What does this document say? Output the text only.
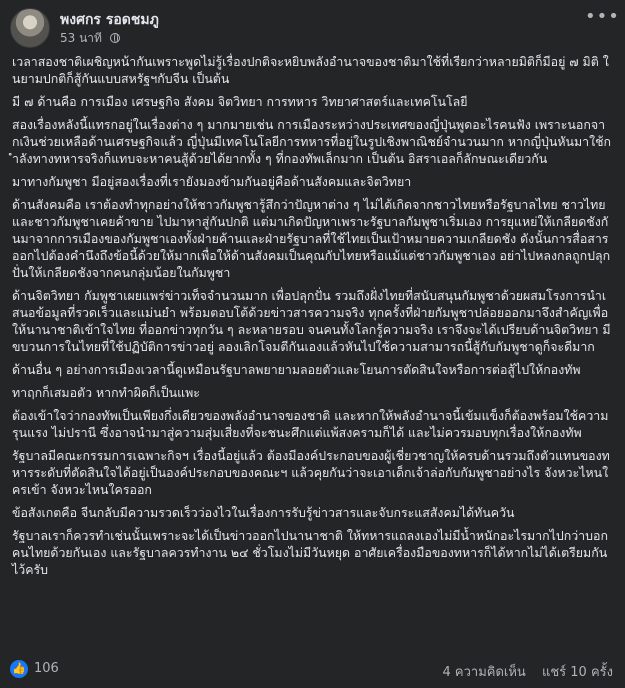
พงศกร รอดชมภู
53 นาที
•••

เวลาสองชาติเผชิญหน้ากันเพราะพูดไม่รู้เรื่องปกติจะหยิบพลังอำนาจของชาติมาใช้ที่เรียกว่าหลายมิติก็มีอยู่ ๗ มิติ ในยามปกติก็สู้กันแบบสหรัฐฯกับจีน เป็นต้น

มี ๗ ด้านคือ การเมือง เศรษฐกิจ สังคม จิตวิทยา การทหาร วิทยาศาสตร์และเทคโนโลยี

สองเรื่องหลังนี้แทรกอยู่ในเรื่องต่าง ๆ มากมายเช่น การเมืองระหว่างประเทศของญี่ปุ่นพูดอะไรคนฟัง เพราะนอกจากเงินช่วยเหลือด้านเศรษฐกิจแล้ว ญี่ปุ่นมีเทคโนโลยีการทหารที่อยู่ในรูปเชิงพาณิชย์จำนวนมาก หากญี่ปุ่นหันมาใช้กำลังทางทหารจริงก็แทบจะหาคนสู้ด้วยได้ยากทั้ง ๆ ที่กองทัพเล็กมาก เป็นต้น อิสราเอลก็ลักษณะเดียวกัน

มาทางกัมพูชา มีอยู่สองเรื่องที่เรายังมองข้ามกันอยู่คือด้านสังคมและจิตวิทยา

ด้านสังคมคือ เราต้องทำทุกอย่างให้ชาวกัมพูชารู้สึกว่าปัญหาต่าง ๆ ไม่ได้เกิดจากชาวไทยหรือรัฐบาลไทย ชาวไทยและชาวกัมพูชาเคยค้าขาย ไปมาหาสู่กันปกติ แต่มาเกิดปัญหาเพราะรัฐบาลกัมพูชาเริ่มเอง การยุแหย่ให้เกลียดชังกันมาจากการเมืองของกัมพูชาเองทั้งฝ่ายค้านและฝ่ายรัฐบาลที่ใช้ไทยเป็นเป้าหมายความเกลียดชัง ดังนั้นการสื่อสารออกไปต้องคำนึงถึงข้อนี้ด้วยให้มากเพื่อให้ด้านสังคมเป็นคุณกับไทยหรือแม้แต่ชาวกัมพูชาเอง อย่าไปหลงกลถูกปลุกปั่นให้เกลียดชังจากคนกลุ่มน้อยในกัมพูชา

ด้านจิตวิทยา กัมพูชาเผยแพร่ข่าวเท็จจำนวนมาก เพื่อปลุกปั่น รวมถึงฝั่งไทยที่สนับสนุนกัมพูชาด้วยผสมโรงการนำเสนอข้อมูลที่รวดเร็วและแม่นยำ พร้อมตอบโต้ด้วยข่าวสารความจริง ทุกครั้งที่ฝ่ายกัมพูชาปล่อยออกมาจึงสำคัญเพื่อให้นานาชาติเข้าใจไทย ที่ออกข่าวทุกวัน ๆ ละหลายรอบ จนคนทั้งโลกรู้ความจริง เราจึงจะได้เปรียบด้านจิตวิทยา มีขบวนการในไทยที่ใช้ปฏิบัติการข่าวอยู่ ลองเลิกโจมตีกันเองแล้วหันไปใช้ความสามารถนี้สู้กับกัมพูชาดูก็จะดีมาก

ด้านอื่น ๆ อย่างการเมืองเวลานี้ดูเหมือนรัฐบาลพยายามลอยตัวและโยนการตัดสินใจหรือการต่อสู้ไปให้กองทัพ

ทาฤกก็เสมอตัว หากทำผิดก็เป็นแพะ

ต้องเข้าใจว่ากองทัพเป็นเพียงกึ่งเดียวของพลังอำนาจของชาติ และหากให้พลังอำนาจนี้เข้มแข็งก็ต้องพร้อมใช้ความรุนแรง ไม่ปรานี ซึ่งอาจนำมาสู่ความสุ่มเสี่ยงที่จะชนะศึกแต่แพ้สงครามก็ได้ และไม่ควรมอบทุกเรื่องให้กองทัพ

รัฐบาลมีคณะกรรมการเฉพาะกิจฯ เรื่องนี้อยู่แล้ว ต้องมีองค์ประกอบของผู้เชี่ยวชาญให้ครบด้านรวมถึงตัวแทนของทหารระดับที่ตัดสินใจได้อยู่เป็นองค์ประกอบของคณะฯ แล้วคุยกันว่าจะเอาเด็กเจ้าล่อกับกัมพูชาอย่างไร จังหวะไหนใครเข้า จังหวะไหนใครออก

ข้อสังเกตคือ จีนกลับมีความรวดเร็วว่องไวในเรื่องการรับรู้ข่าวสารและจับกระแสสังคมได้ทันควัน

รัฐบาลเราก็ควรทำเช่นนั้นเพราะจะได้เป็นข่าวออกไปนานาชาติ ให้ทหารแถลงเองไม่มีน้ำหนักอะไรมากไปกว่าบอกคนไทยด้วยกันเอง และรัฐบาลควรทำงาน ๒๔ ชั่วโมงไม่มีวันหยุด อาศัยเครื่องมือของทหารก็ได้หากไม่ได้เตรียมกันไว้ครับ

👍 106	4 ความคิดเห็น แชร์ 10 ครั้ง
